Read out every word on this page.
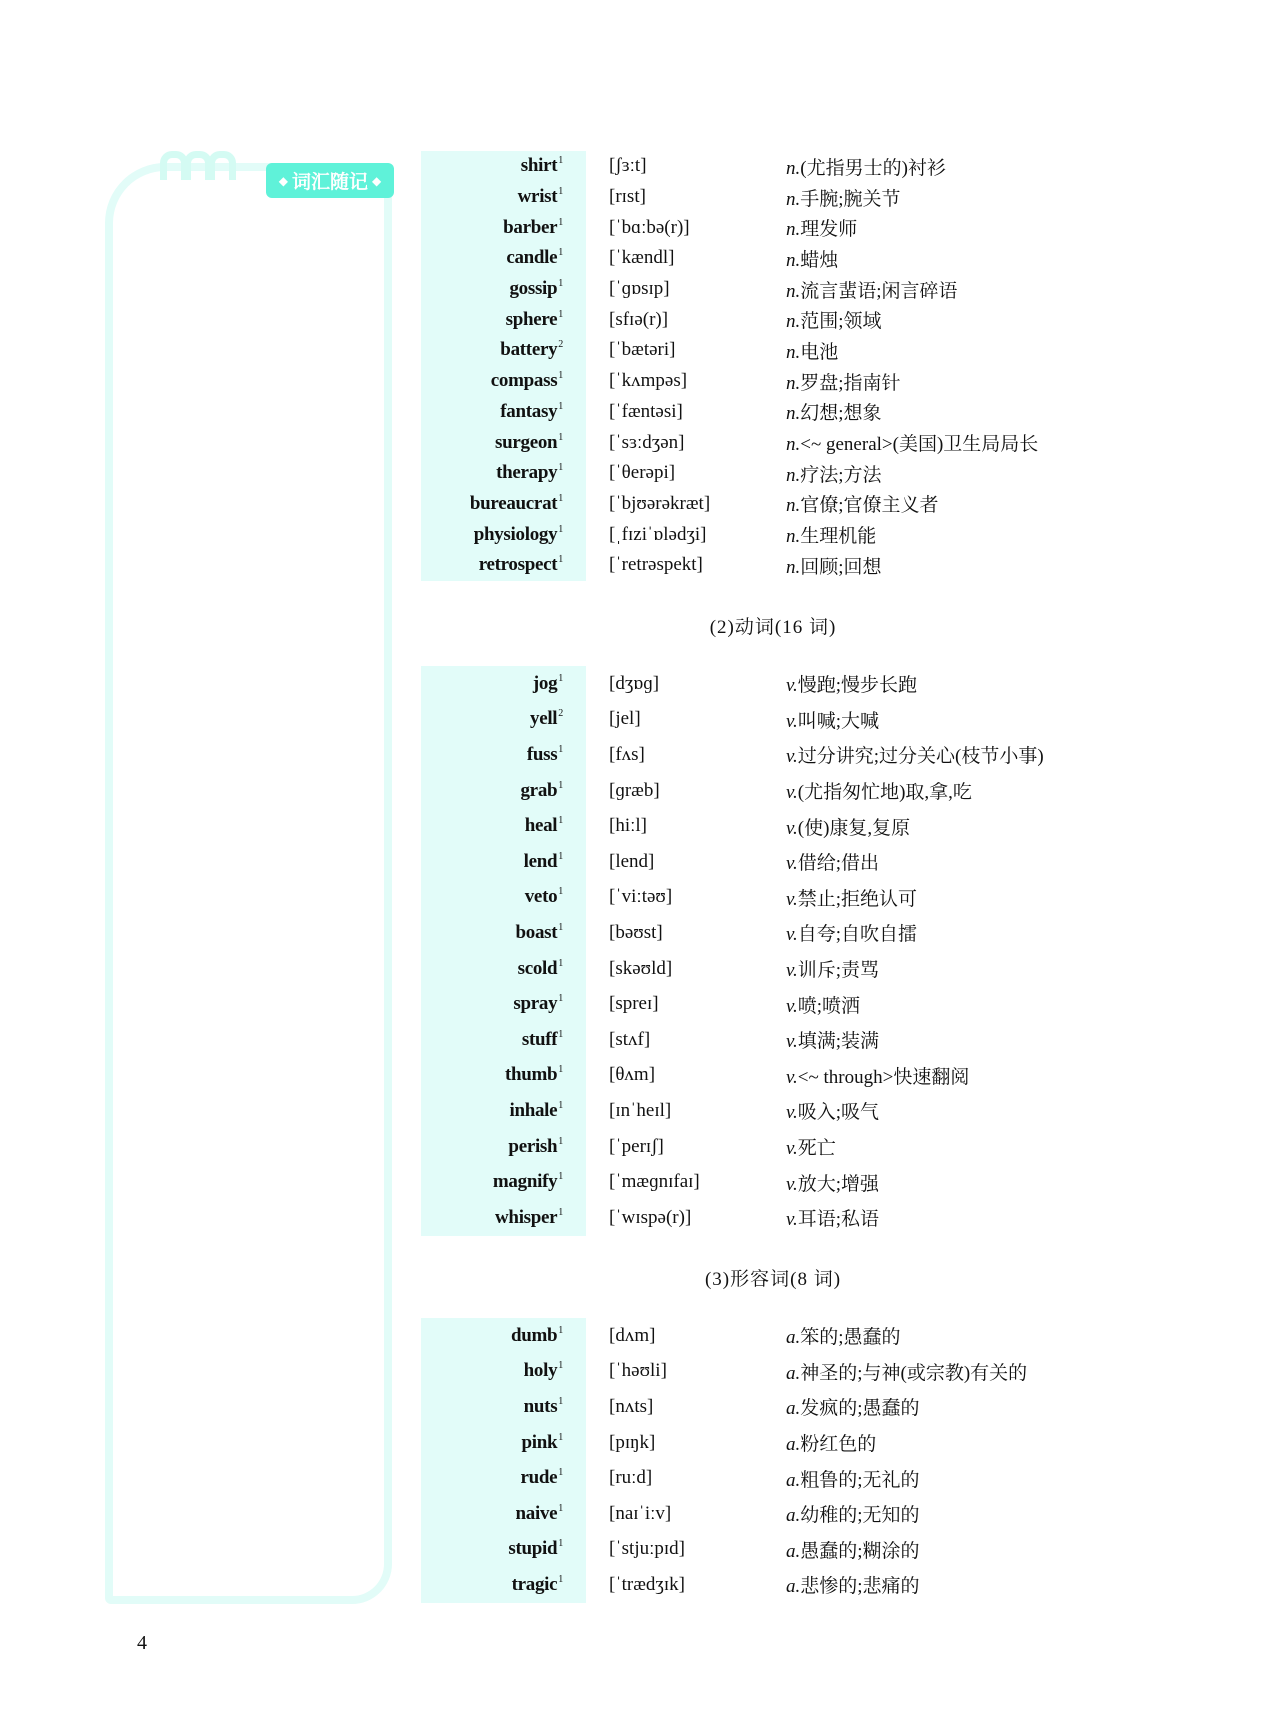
◆ 词汇随记 ◆
shirt$^1$ [ʃɜːt]	n.(尤指男士的)衬衫
wrist$^1$ [rɪst]	n.手腕;腕关节
barber$^1$ [ˈbɑːbə(r)]	n.理发师
candle$^1$ [ˈkændl]	n.蜡烛
gossip$^1$ [ˈɡɒsɪp]	n.流言蜚语;闲言碎语
sphere$^1$ [sfɪə(r)]	n.范围;领域
battery$^2$ [ˈbætəri]	n.电池
compass$^1$ [ˈkʌmpəs]	n.罗盘;指南针
fantasy$^1$ [ˈfæntəsi]	n.幻想;想象
surgeon$^1$ [ˈsɜːdʒən]	n.<~ general>(美国)卫生局局长
therapy$^1$ [ˈθerəpi]	n.疗法;方法
bureaucrat$^1$ [ˈbjʊərəkræt]	n.官僚;官僚主义者
physiology$^1$ [ˌfɪziˈɒlədʒi]	n.生理机能
retrospect$^1$ [ˈretrəspekt]	n.回顾;回想
(2)动词(16 词)
jog$^1$ [dʒɒɡ]	v.慢跑;慢步长跑
yell$^2$ [jel]	v.叫喊;大喊
fuss$^1$ [fʌs]	v.过分讲究;过分关心(枝节小事)
grab$^1$ [ɡræb]	v.(尤指匆忙地)取,拿,吃
heal$^1$ [hiːl]	v.(使)康复,复原
lend$^1$ [lend]	v.借给;借出
veto$^1$ [ˈviːtəʊ]	v.禁止;拒绝认可
boast$^1$ [bəʊst]	v.自夸;自吹自擂
scold$^1$ [skəʊld]	v.训斥;责骂
spray$^1$ [spreɪ]	v.喷;喷洒
stuff$^1$ [stʌf]	v.填满;装满
thumb$^1$ [θʌm]	v.<~ through>快速翻阅
inhale$^1$ [ɪnˈheɪl]	v.吸入;吸气
perish$^1$ [ˈperɪʃ]	v.死亡
magnify$^1$ [ˈmæɡnɪfaɪ]	v.放大;增强
whisper$^1$ [ˈwɪspə(r)]	v.耳语;私语
(3)形容词(8 词)
dumb$^1$ [dʌm]	a.笨的;愚蠢的
holy$^1$ [ˈhəʊli]	a.神圣的;与神(或宗教)有关的
nuts$^1$ [nʌts]	a.发疯的;愚蠢的
pink$^1$ [pɪŋk]	a.粉红色的
rude$^1$ [ruːd]	a.粗鲁的;无礼的
naive$^1$ [naɪˈiːv]	a.幼稚的;无知的
stupid$^1$ [ˈstjuːpɪd]	a.愚蠢的;糊涂的
tragic$^1$ [ˈtrædʒɪk]	a.悲惨的;悲痛的
4
